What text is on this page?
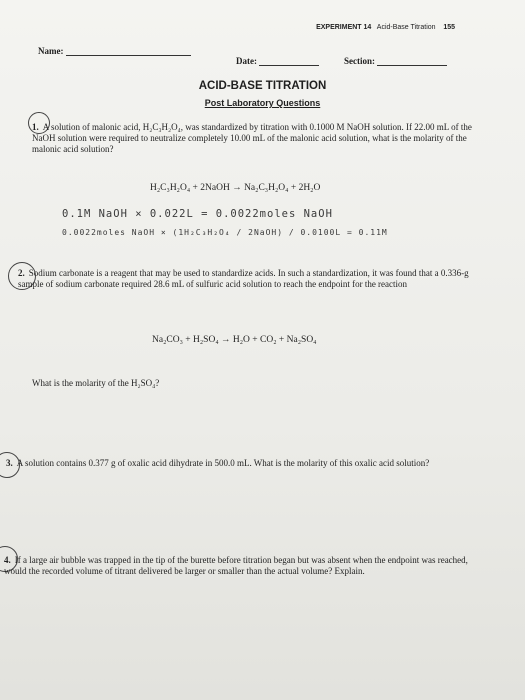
EXPERIMENT 14 Acid-Base Titration 155
Name:
Date:	Section:
ACID-BASE TITRATION
Post Laboratory Questions
1. A solution of malonic acid, H₂C₃H₂O₄, was standardized by titration with 0.1000 M NaOH solution. If 22.00 mL of the NaOH solution were required to neutralize completely 10.00 mL of the malonic acid solution, what is the molarity of the malonic acid solution?
H₂C₃H₂O₄ + 2NaOH → Na₂C₃H₂O₄ + 2H₂O
0.1M NaOH × 0.022L = 0.0022moles NaOH
0.0022moles NaOH × (1H₂C₃H₂O₄ / 2NaOH) / 0.0100L = 0.11M
2. Sodium carbonate is a reagent that may be used to standardize acids. In such a standardization, it was found that a 0.336-g sample of sodium carbonate required 28.6 mL of sulfuric acid solution to reach the endpoint for the reaction
Na₂CO₃ + H₂SO₄ → H₂O + CO₂ + Na₂SO₄
What is the molarity of the H₂SO₄?
3. A solution contains 0.377 g of oxalic acid dihydrate in 500.0 mL. What is the molarity of this oxalic acid solution?
4. If a large air bubble was trapped in the tip of the burette before titration began but was absent when the endpoint was reached, would the recorded volume of titrant delivered be larger or smaller than the actual volume? Explain.
